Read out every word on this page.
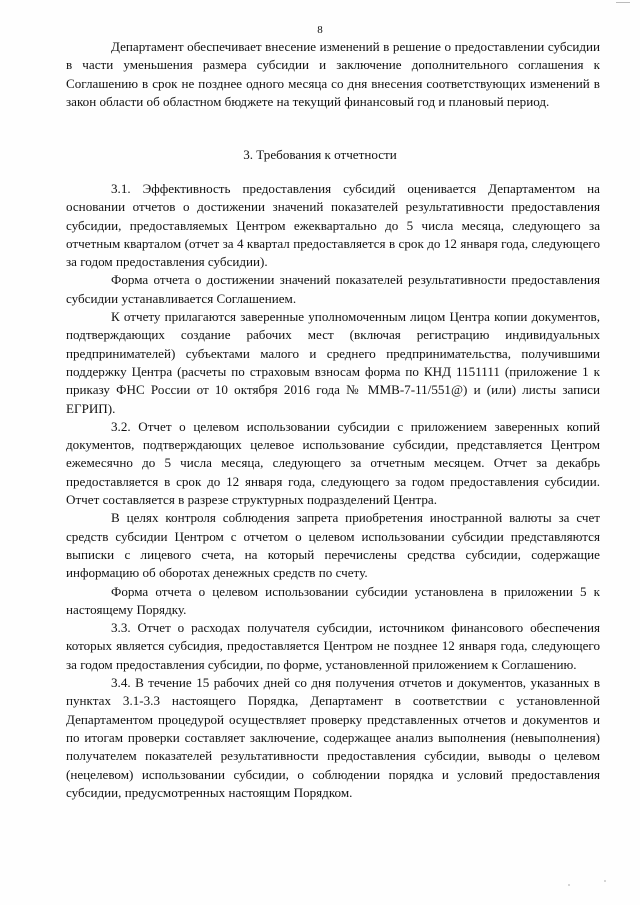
8

Департамент обеспечивает внесение изменений в решение о предоставлении субсидии в части уменьшения размера субсидии и заключение дополнительного соглашения к Соглашению в срок не позднее одного месяца со дня внесения соответствующих изменений в закон области об областном бюджете на текущий финансовый год и плановый период.

3. Требования к отчетности

3.1. Эффективность предоставления субсидий оценивается Департаментом на основании отчетов о достижении значений показателей результативности предоставления субсидии, предоставляемых Центром ежеквартально до 5 числа месяца, следующего за отчетным кварталом (отчет за 4 квартал предоставляется в срок до 12 января года, следующего за годом предоставления субсидии).

Форма отчета о достижении значений показателей результативности предоставления субсидии устанавливается Соглашением.

К отчету прилагаются заверенные уполномоченным лицом Центра копии документов, подтверждающих создание рабочих мест (включая регистрацию индивидуальных предпринимателей) субъектами малого и среднего предпринимательства, получившими поддержку Центра (расчеты по страховым взносам форма по КНД 1151111 (приложение 1 к приказу ФНС России от 10 октября 2016 года № ММВ-7-11/551@) и (или) листы записи ЕГРИП).

3.2. Отчет о целевом использовании субсидии с приложением заверенных копий документов, подтверждающих целевое использование субсидии, представляется Центром ежемесячно до 5 числа месяца, следующего за отчетным месяцем. Отчет за декабрь предоставляется в срок до 12 января года, следующего за годом предоставления субсидии. Отчет составляется в разрезе структурных подразделений Центра.

В целях контроля соблюдения запрета приобретения иностранной валюты за счет средств субсидии Центром с отчетом о целевом использовании субсидии представляются выписки с лицевого счета, на который перечислены средства субсидии, содержащие информацию об оборотах денежных средств по счету.

Форма отчета о целевом использовании субсидии установлена в приложении 5 к настоящему Порядку.

3.3. Отчет о расходах получателя субсидии, источником финансового обеспечения которых является субсидия, предоставляется Центром не позднее 12 января года, следующего за годом предоставления субсидии, по форме, установленной приложением к Соглашению.

3.4. В течение 15 рабочих дней со дня получения отчетов и документов, указанных в пунктах 3.1-3.3 настоящего Порядка, Департамент в соответствии с установленной Департаментом процедурой осуществляет проверку представленных отчетов и документов и по итогам проверки составляет заключение, содержащее анализ выполнения (невыполнения) получателем показателей результативности предоставления субсидии, выводы о целевом (нецелевом) использовании субсидии, о соблюдении порядка и условий предоставления субсидии, предусмотренных настоящим Порядком.
